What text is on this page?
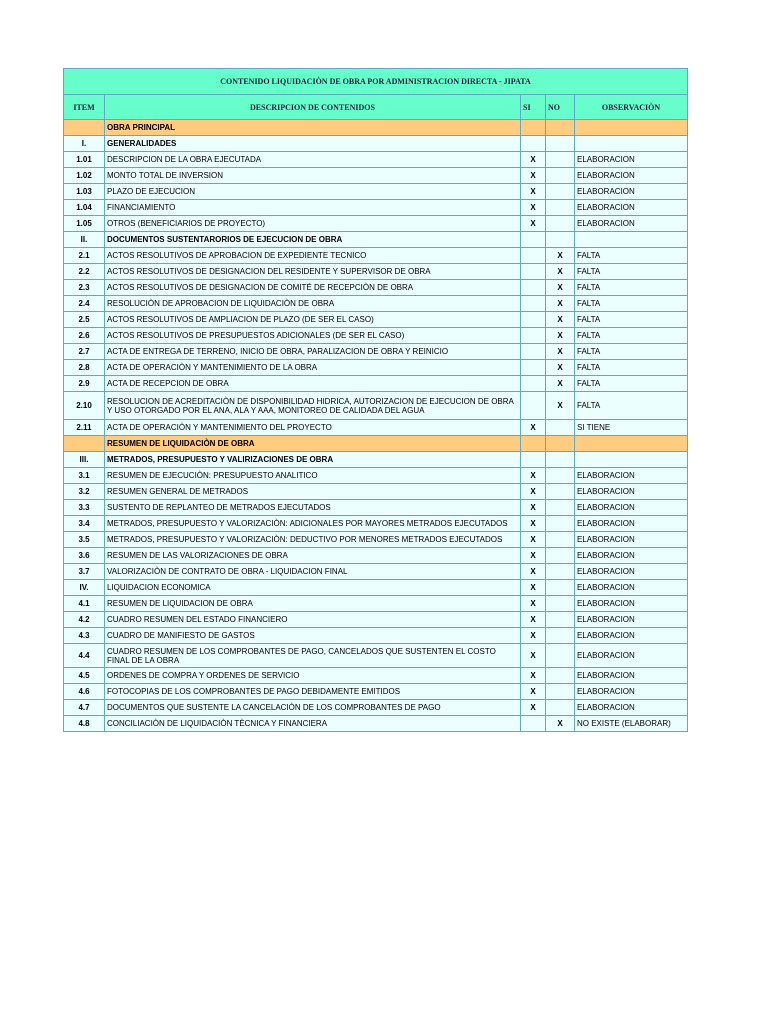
CONTENIDO LIQUIDACIÒN DE OBRA POR ADMINISTRACION DIRECTA - JIPATA				
ITEM	DESCRIPCION DE CONTENIDOS	SI	NO	OBSERVACIÒN
	OBRA PRINCIPAL			
I.	GENERALIDADES			
1.01	DESCRIPCION DE LA OBRA EJECUTADA	X		ELABORACION
1.02	MONTO TOTAL DE INVERSION	X		ELABORACION
1.03	PLAZO DE EJECUCION	X		ELABORACION
1.04	FINANCIAMIENTO	X		ELABORACION
1.05	OTROS (BENEFICIARIOS DE PROYECTO)	X		ELABORACION
II.	DOCUMENTOS SUSTENTARORIOS DE EJECUCION DE OBRA			
2.1	ACTOS RESOLUTIVOS DE APROBACION DE EXPEDIENTE TECNICO		X	FALTA
2.2	ACTOS RESOLUTIVOS DE DESIGNACION DEL RESIDENTE Y SUPERVISOR DE OBRA		X	FALTA
2.3	ACTOS RESOLUTIVOS DE DESIGNACION DE COMITÉ DE RECEPCIÒN DE OBRA		X	FALTA
2.4	RESOLUCIÒN DE APROBACION DE LIQUIDACIÒN DE OBRA		X	FALTA
2.5	ACTOS RESOLUTIVOS DE AMPLIACION DE PLAZO (DE SER EL CASO)		X	FALTA
2.6	ACTOS RESOLUTIVOS DE PRESUPUESTOS ADICIONALES (DE SER EL CASO)		X	FALTA
2.7	ACTA DE ENTREGA DE TERRENO, INICIO DE OBRA, PARALIZACION DE OBRA Y REINICIO		X	FALTA
2.8	ACTA DE OPERACIÒN Y MANTENIMIENTO DE LA OBRA		X	FALTA
2.9	ACTA DE RECEPCION DE OBRA		X	FALTA
2.10	RESOLUCION DE ACREDITACIÒN DE DISPONIBILIDAD HIDRICA, AUTORIZACION DE EJECUCION DE OBRA Y USO OTORGADO POR EL ANA, ALA Y AAA, MONITOREO DE CALIDADA DEL AGUA		X	FALTA
2.11	ACTA DE OPERACIÒN Y MANTENIMIENTO DEL PROYECTO	X		SI TIENE
	RESUMEN DE LIQUIDACIÒN DE OBRA			
III.	METRADOS, PRESUPUESTO Y VALIRIZACIONES DE OBRA			
3.1	RESUMEN DE EJECUCIÒN: PRESUPUESTO ANALITICO	X		ELABORACION
3.2	RESUMEN GENERAL DE METRADOS	X		ELABORACION
3.3	SUSTENTO DE REPLANTEO DE METRADOS EJECUTADOS	X		ELABORACION
3.4	METRADOS, PRESUPUESTO Y VALORIZACIÒN: ADICIONALES POR MAYORES METRADOS EJECUTADOS	X		ELABORACION
3.5	METRADOS, PRESUPUESTO Y VALORIZACIÒN: DEDUCTIVO POR MENORES METRADOS EJECUTADOS	X		ELABORACION
3.6	RESUMEN DE LAS VALORIZACIONES DE OBRA	X		ELABORACION
3.7	VALORIZACIÒN DE CONTRATO DE OBRA - LIQUIDACION FINAL	X		ELABORACION
IV.	LIQUIDACION ECONOMICA	X		ELABORACION
4.1	RESUMEN DE LIQUIDACION DE OBRA	X		ELABORACION
4.2	CUADRO RESUMEN DEL ESTADO FINANCIERO	X		ELABORACION
4.3	CUADRO DE MANIFIESTO DE GASTOS	X		ELABORACION
4.4	CUADRO RESUMEN DE LOS COMPROBANTES DE PAGO, CANCELADOS QUE SUSTENTEN EL COSTO FINAL DE LA OBRA	X		ELABORACION
4.5	ORDENES DE COMPRA Y ORDENES DE SERVICIO	X		ELABORACION
4.6	FOTOCOPIAS DE LOS COMPROBANTES DE PAGO DEBIDAMENTE EMITIDOS	X		ELABORACION
4.7	DOCUMENTOS QUE SUSTENTE LA CANCELACIÒN DE LOS COMPROBANTES DE PAGO	X		ELABORACION
4.8	CONCILIACIÒN DE LIQUIDACIÒN TÈCNICA Y FINANCIERA		X	NO EXISTE (ELABORAR)
